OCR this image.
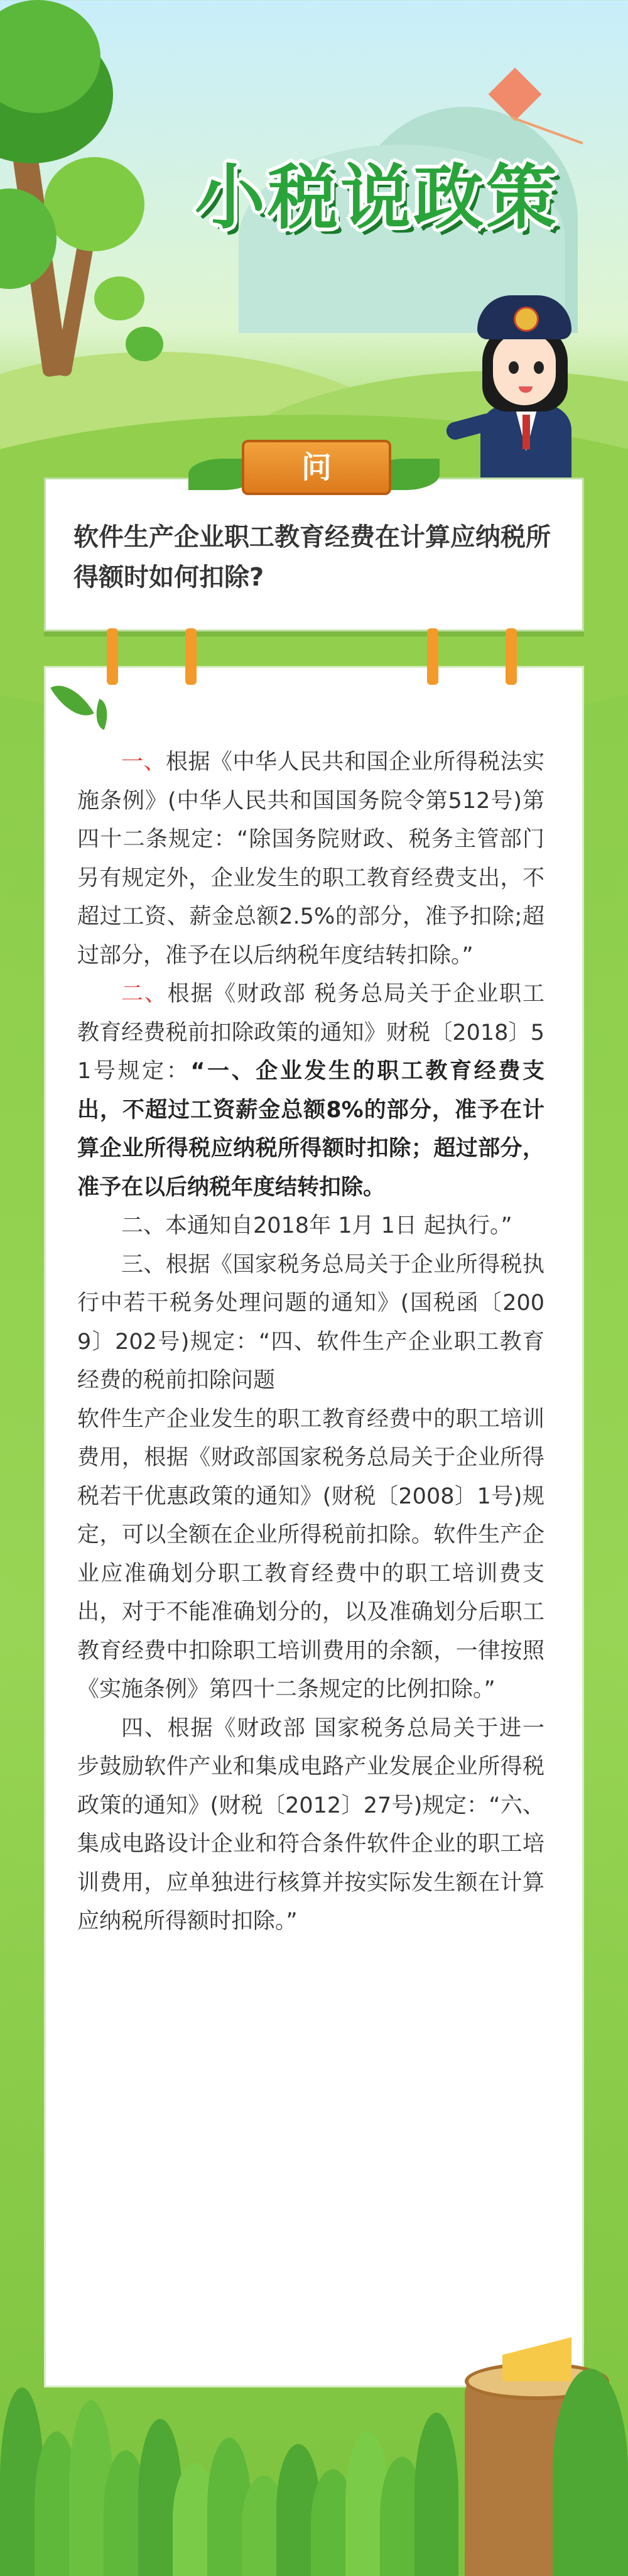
小税说政策
软件生产企业职工教育经费在计算应纳税所得额时如何扣除?
问

一、根据《中华人民共和国企业所得税法实施条例》(中华人民共和国国务院令第512号)第四十二条规定：“除国务院财政、税务主管部门另有规定外，企业发生的职工教育经费支出，不超过工资、薪金总额2.5%的部分，准予扣除;超过部分，准予在以后纳税年度结转扣除。”

二、根据《财政部 税务总局关于企业职工教育经费税前扣除政策的通知》财税〔2018〕51号规定：“一、企业发生的职工教育经费支出，不超过工资薪金总额8%的部分，准予在计算企业所得税应纳税所得额时扣除；超过部分，准予在以后纳税年度结转扣除。

二、本通知自2018年 1月 1日 起执行。”

三、根据《国家税务总局关于企业所得税执行中若干税务处理问题的通知》(国税函〔2009〕202号)规定：“四、软件生产企业职工教育经费的税前扣除问题

软件生产企业发生的职工教育经费中的职工培训费用，根据《财政部国家税务总局关于企业所得税若干优惠政策的通知》(财税〔2008〕1号)规定，可以全额在企业所得税前扣除。软件生产企业应准确划分职工教育经费中的职工培训费支出，对于不能准确划分的，以及准确划分后职工教育经费中扣除职工培训费用的余额，一律按照《实施条例》第四十二条规定的比例扣除。”

四、根据《财政部 国家税务总局关于进一步鼓励软件产业和集成电路产业发展企业所得税政策的通知》(财税〔2012〕27号)规定：“六、集成电路设计企业和符合条件软件企业的职工培训费用，应单独进行核算并按实际发生额在计算应纳税所得额时扣除。”
